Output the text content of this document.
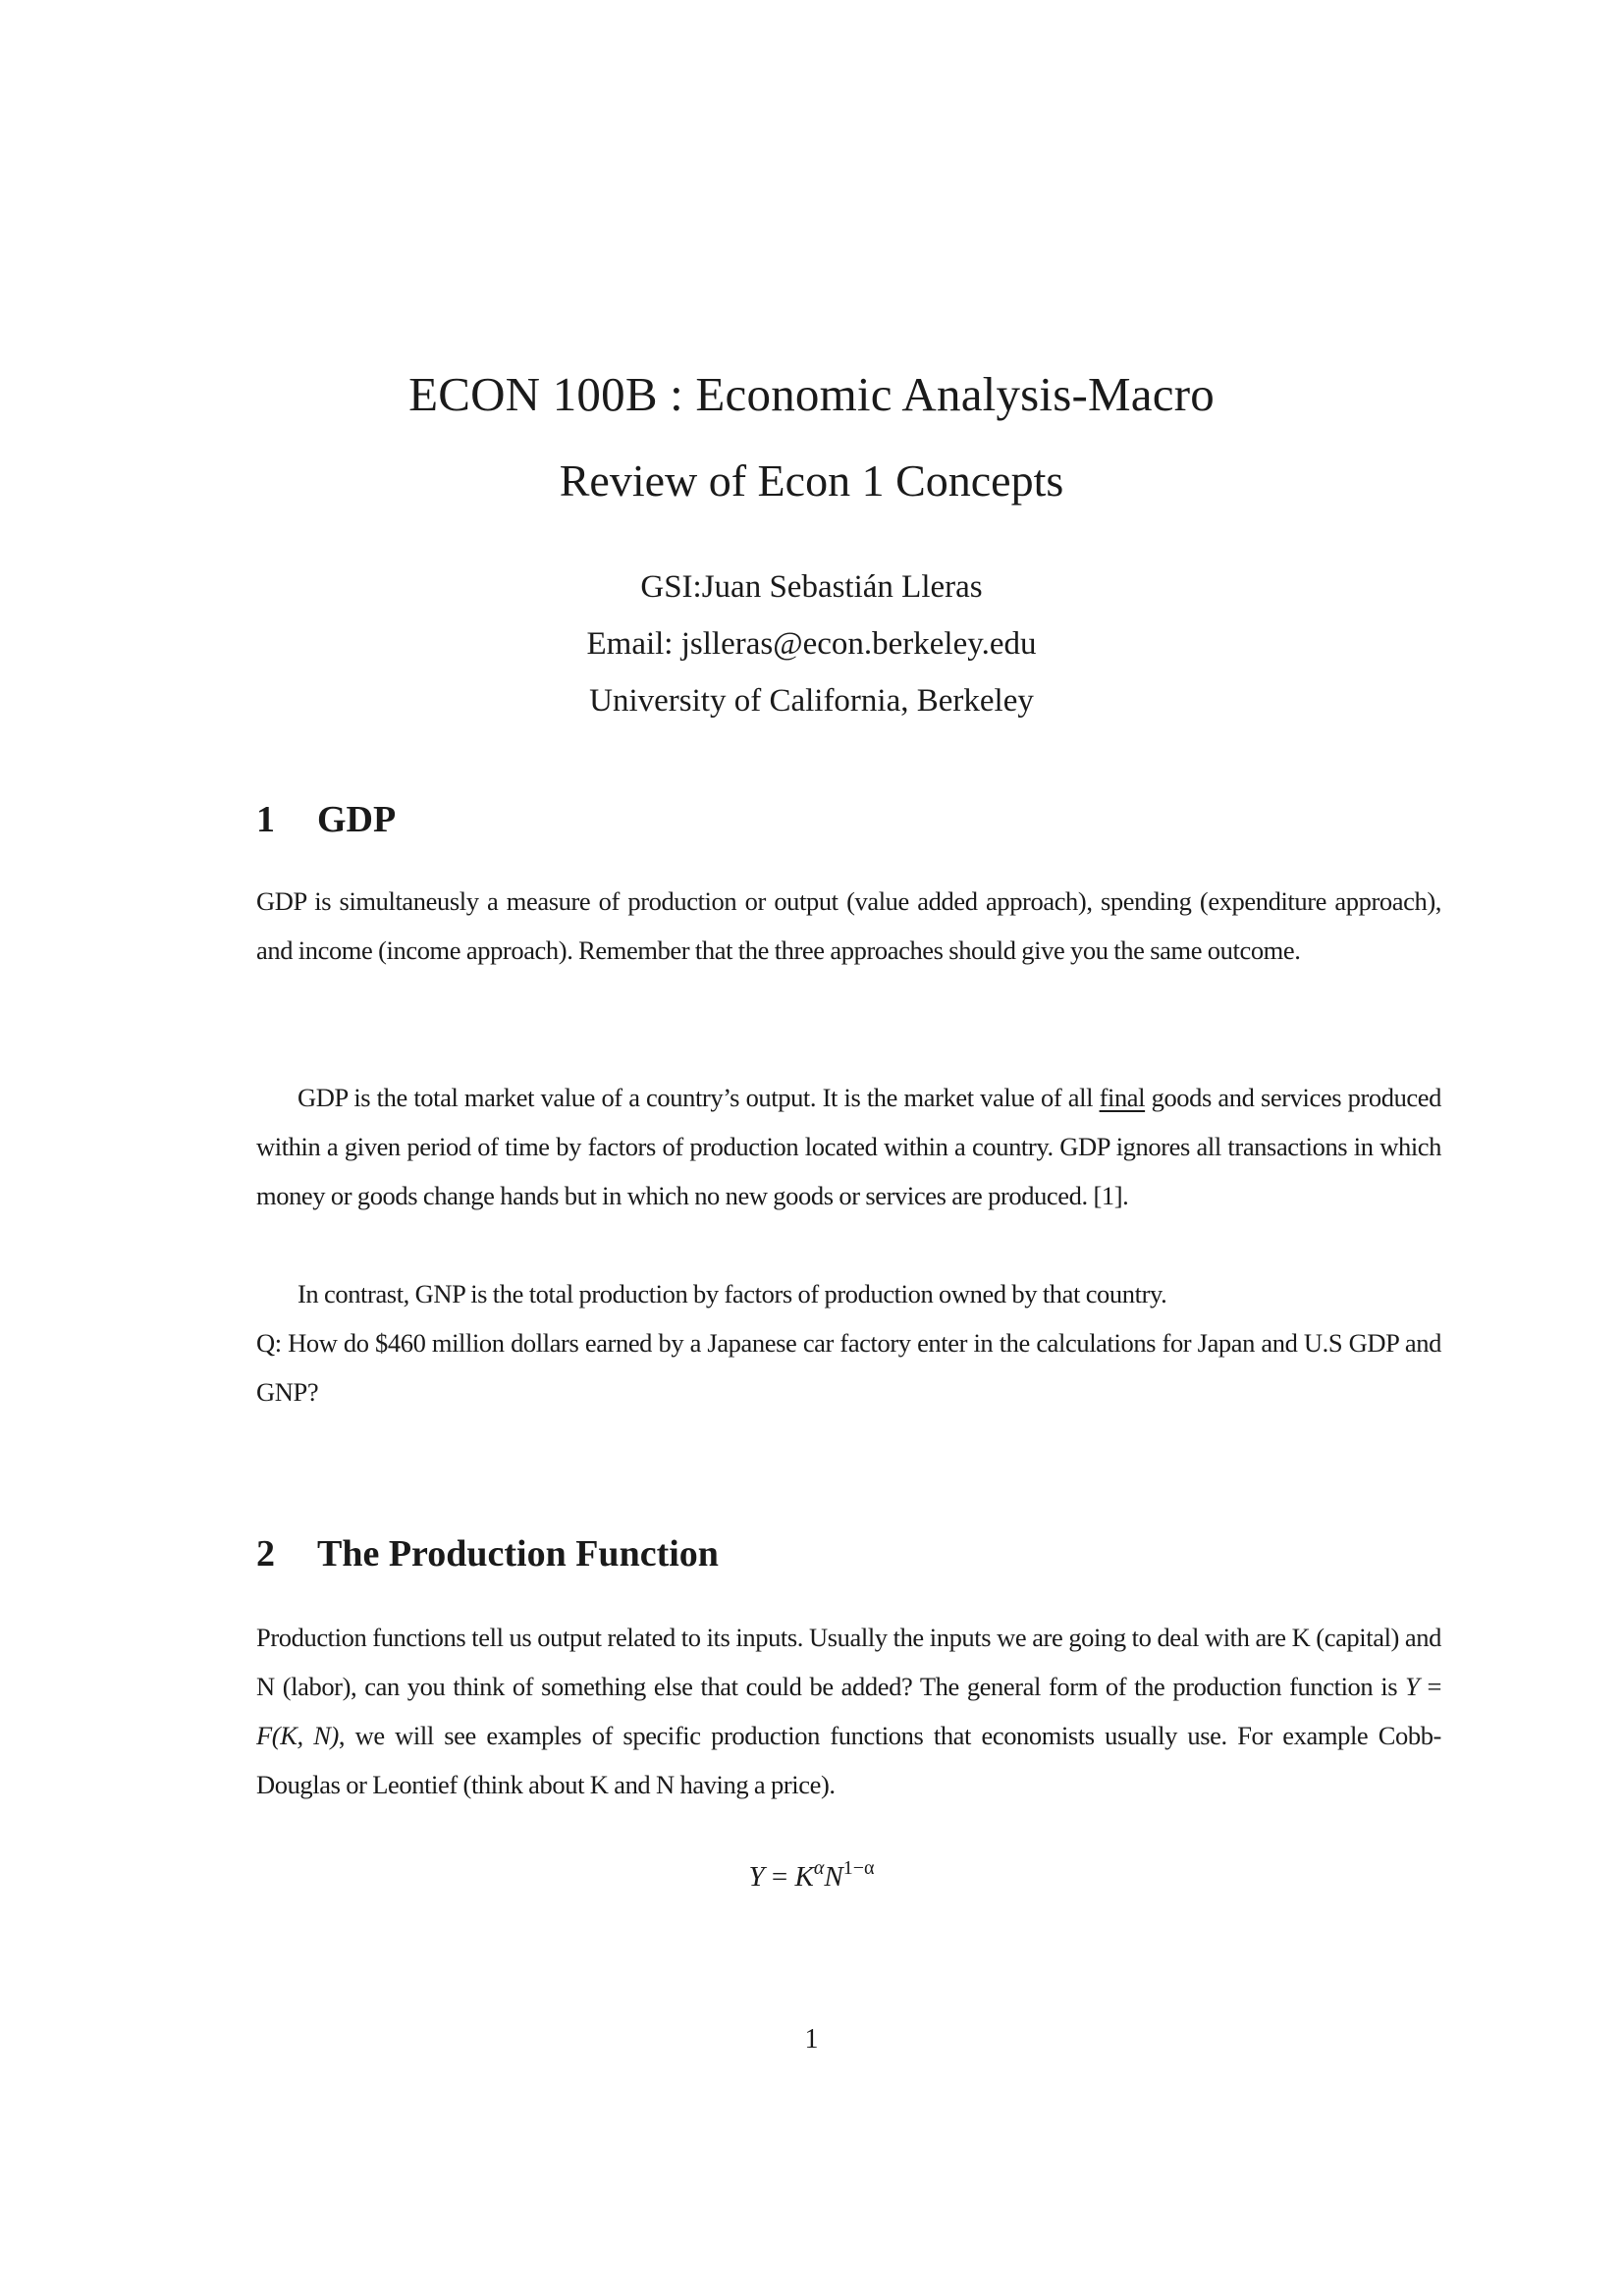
ECON 100B : Economic Analysis-Macro
Review of Econ 1 Concepts
GSI:Juan Sebastián Lleras
Email: jslleras@econ.berkeley.edu
University of California, Berkeley
1 GDP
GDP is simultaneusly a measure of production or output (value added approach), spending (expenditure approach), and income (income approach). Remember that the three approaches should give you the same outcome.
GDP is the total market value of a country’s output. It is the market value of all final goods and services produced within a given period of time by factors of production located within a country. GDP ignores all transactions in which money or goods change hands but in which no new goods or services are produced. [1].
In contrast, GNP is the total production by factors of production owned by that country.
Q: How do $460 million dollars earned by a Japanese car factory enter in the calculations for Japan and U.S GDP and GNP?
2 The Production Function
Production functions tell us output related to its inputs. Usually the inputs we are going to deal with are K (capital) and N (labor), can you think of something else that could be added? The general form of the production function is Y = F(K, N), we will see examples of specific production functions that economists usually use. For example Cobb-Douglas or Leontief (think about K and N having a price).
$Y = K^\alpha N^{1-\alpha}$
1
